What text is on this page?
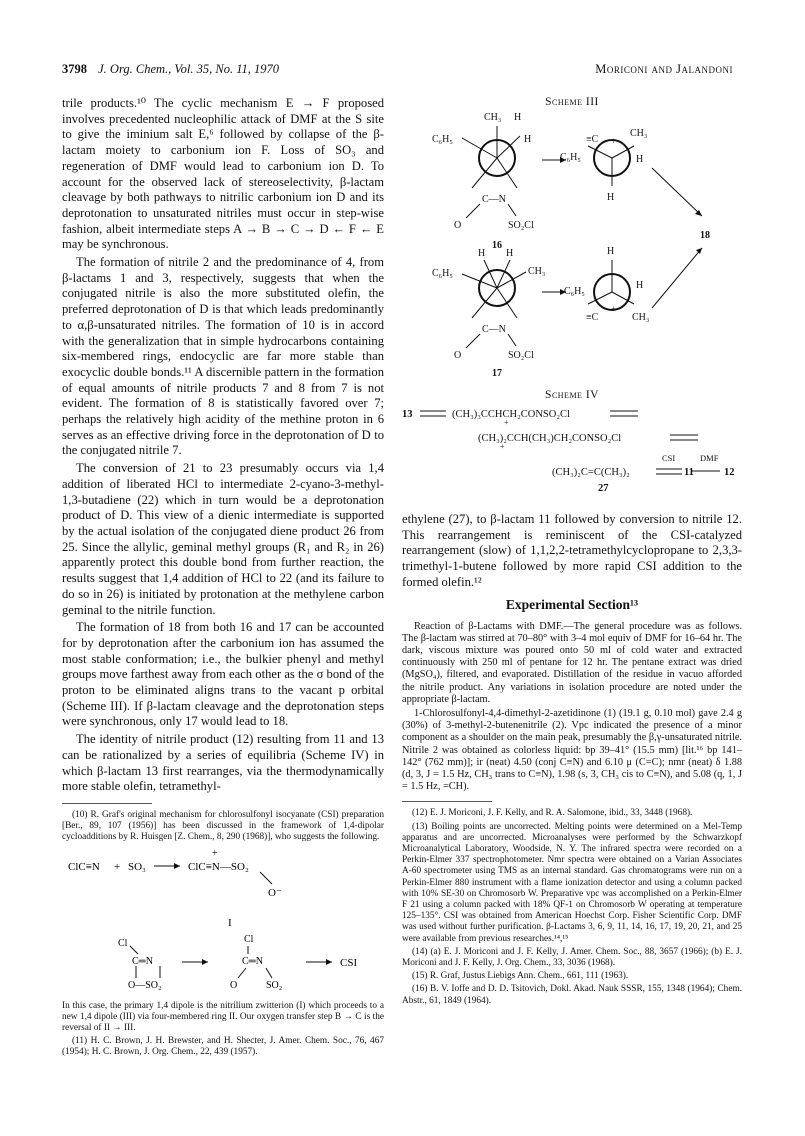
3798 J. Org. Chem., Vol. 35, No. 11, 1970	Moriconi and Jalandoni

trile products.¹⁰ The cyclic mechanism E → F proposed involves precedented nucleophilic attack of DMF at the S site to give the iminium salt E,⁶ followed by collapse of the β-lactam moiety to carbonium ion F. Loss of SO₃ and regeneration of DMF would lead to carbonium ion D. To account for the observed lack of stereoselectivity, β-lactam cleavage by both pathways to nitrilic carbonium ion D and its deprotonation to unsaturated nitriles must occur in step-wise fashion, albeit intermediate steps A → B → C → D ← F ← E may be synchronous.

The formation of nitrile 2 and the predominance of 4, from β-lactams 1 and 3, respectively, suggests that when the conjugated nitrile is also the more substituted olefin, the preferred deprotonation of D is that which leads predominantly to α,β-unsaturated nitriles. The formation of 10 is in accord with the generalization that in simple hydrocarbons containing six-membered rings, endocyclic are far more stable than exocyclic double bonds.¹¹ A discernible pattern in the formation of equal amounts of nitrile products 7 and 8 from 7 is not evident. The formation of 8 is statistically favored over 7; perhaps the relatively high acidity of the methine proton in 6 serves as an effective driving force in the deprotonation of D to the conjugated nitrile 7.

The conversion of 21 to 23 presumably occurs via 1,4 addition of liberated HCl to intermediate 2-cyano-3-methyl-1,3-butadiene (22) which in turn would be a deprotonation product of D. This view of a dienic intermediate is supported by the actual isolation of the conjugated diene product 26 from 25. Since the allylic, geminal methyl groups (R₁ and R₂ in 26) apparently protect this double bond from further reaction, the results suggest that 1,4 addition of HCl to 22 (and its failure to do so in 26) is initiated by protonation at the methylene carbon geminal to the nitrile function.

The formation of 18 from both 16 and 17 can be accounted for by deprotonation after the carbonium ion has assumed the most stable conformation; i.e., the bulkier phenyl and methyl groups move farthest away from each other as the σ bond of the proton to be eliminated aligns trans to the vacant p orbital (Scheme III). If β-lactam cleavage and the deprotonation steps were synchronous, only 17 would lead to 18.

The identity of nitrile product (12) resulting from 11 and 13 can be rationalized by a series of equilibria (Scheme IV) in which β-lactam 13 first rearranges, via the thermodynamically more stable olefin, tetramethyl-

(10) R. Graf's original mechanism for chlorosulfonyl isocyanate (CSI) preparation [Ber., 89, 107 (1956)] has been discussed in the framework of 1,4-dipolar cycloadditions by R. Huisgen [Z. Chem., 8, 290 (1968)], who suggests the following.

ClC≡N + SO₃	ClC≡N—SO₂
+
O⁻
I
Cl
C═N
O—SO₂
Cl
C═N
O	SO₂
CSI

In this case, the primary 1,4 dipole is the nitrilium zwitterion (I) which proceeds to a new 1,4 dipole (III) via four-membered ring II. Our oxygen transfer step B → C is the reversal of II → III.

(11) H. C. Brown, J. H. Brewster, and H. Shecter, J. Amer. Chem. Soc., 76, 467 (1954); H. C. Brown, J. Org. Chem., 22, 439 (1957).

Scheme III
CH₃ H
H
C₆H₅
C—N
O	SO₂Cl
16
≡C +
CH₃
C₆H₅	H
H
18
H H
C₆H₅	CH₃
C—N
O	SO₂Cl
17
H
C₆H₅
H
≡C
+
CH₃
Scheme IV
13	(CH₃)₃CCHCH₂CONSO₂Cl
+
(CH₃)₂CCH(CH₃)CH₂CONSO₂Cl
+
CSI	DMF
(CH₃)₂C=C(CH₃)₂	11	12
27

ethylene (27), to β-lactam 11 followed by conversion to nitrile 12. This rearrangement is reminiscent of the CSI-catalyzed rearrangement (slow) of 1,1,2,2-tetramethylcyclopropane to 2,3,3-trimethyl-1-butene followed by more rapid CSI addition to the formed olefin.¹²

Experimental Section¹³

Reaction of β-Lactams with DMF.—The general procedure was as follows. The β-lactam was stirred at 70–80° with 3–4 mol equiv of DMF for 16–64 hr. The dark, viscous mixture was poured onto 50 ml of cold water and extracted continuously with 250 ml of pentane for 12 hr. The pentane extract was dried (MgSO₄), filtered, and evaporated. Distillation of the residue in vacuo afforded the nitrile product. Any variations in isolation procedure are noted under the appropriate β-lactam.

1-Chlorosulfonyl-4,4-dimethyl-2-azetidinone (1) (19.1 g, 0.10 mol) gave 2.4 g (30%) of 3-methyl-2-butenenitrile (2). Vpc indicated the presence of a minor component as a shoulder on the main peak, presumably the β,γ-unsaturated nitrile. Nitrile 2 was obtained as colorless liquid: bp 39–41° (15.5 mm) [lit.¹⁶ bp 141–142° (762 mm)]; ir (neat) 4.50 (conj C≡N) and 6.10 μ (C=C); nmr (neat) δ 1.88 (d, 3, J = 1.5 Hz, CH₃ trans to C≡N), 1.98 (s, 3, CH₃ cis to C≡N), and 5.08 (q, 1, J = 1.5 Hz, =CH).

(12) E. J. Moriconi, J. F. Kelly, and R. A. Salomone, ibid., 33, 3448 (1968).

(13) Boiling points are uncorrected. Melting points were determined on a Mel-Temp apparatus and are uncorrected. Microanalyses were performed by the Schwarzkopf Microanalytical Laboratory, Woodside, N. Y. The infrared spectra were recorded on a Perkin-Elmer 337 spectrophotometer. Nmr spectra were obtained on a Varian Associates A-60 spectrometer using TMS as an internal standard. Gas chromatograms were run on a Perkin-Elmer 880 instrument with a flame ionization detector and using a column packed with 10% SE-30 on Chromosorb W. Preparative vpc was accomplished on a Perkin-Elmer F 21 using a column packed with 18% QF-1 on Chromosorb W operating at temperature 125–135°. CSI was obtained from American Hoechst Corp. Fisher Scientific Corp. DMF was used without further purification. β-Lactams 3, 6, 9, 11, 14, 16, 17, 19, 20, 21, and 25 were available from previous researches.¹⁴,¹⁵

(14) (a) E. J. Moriconi and J. F. Kelly, J. Amer. Chem. Soc., 88, 3657 (1966); (b) E. J. Moriconi and J. F. Kelly, J. Org. Chem., 33, 3036 (1968).

(15) R. Graf, Justus Liebigs Ann. Chem., 661, 111 (1963).

(16) B. V. Ioffe and D. D. Tsitovich, Dokl. Akad. Nauk SSSR, 155, 1348 (1964); Chem. Abstr., 61, 1849 (1964).
